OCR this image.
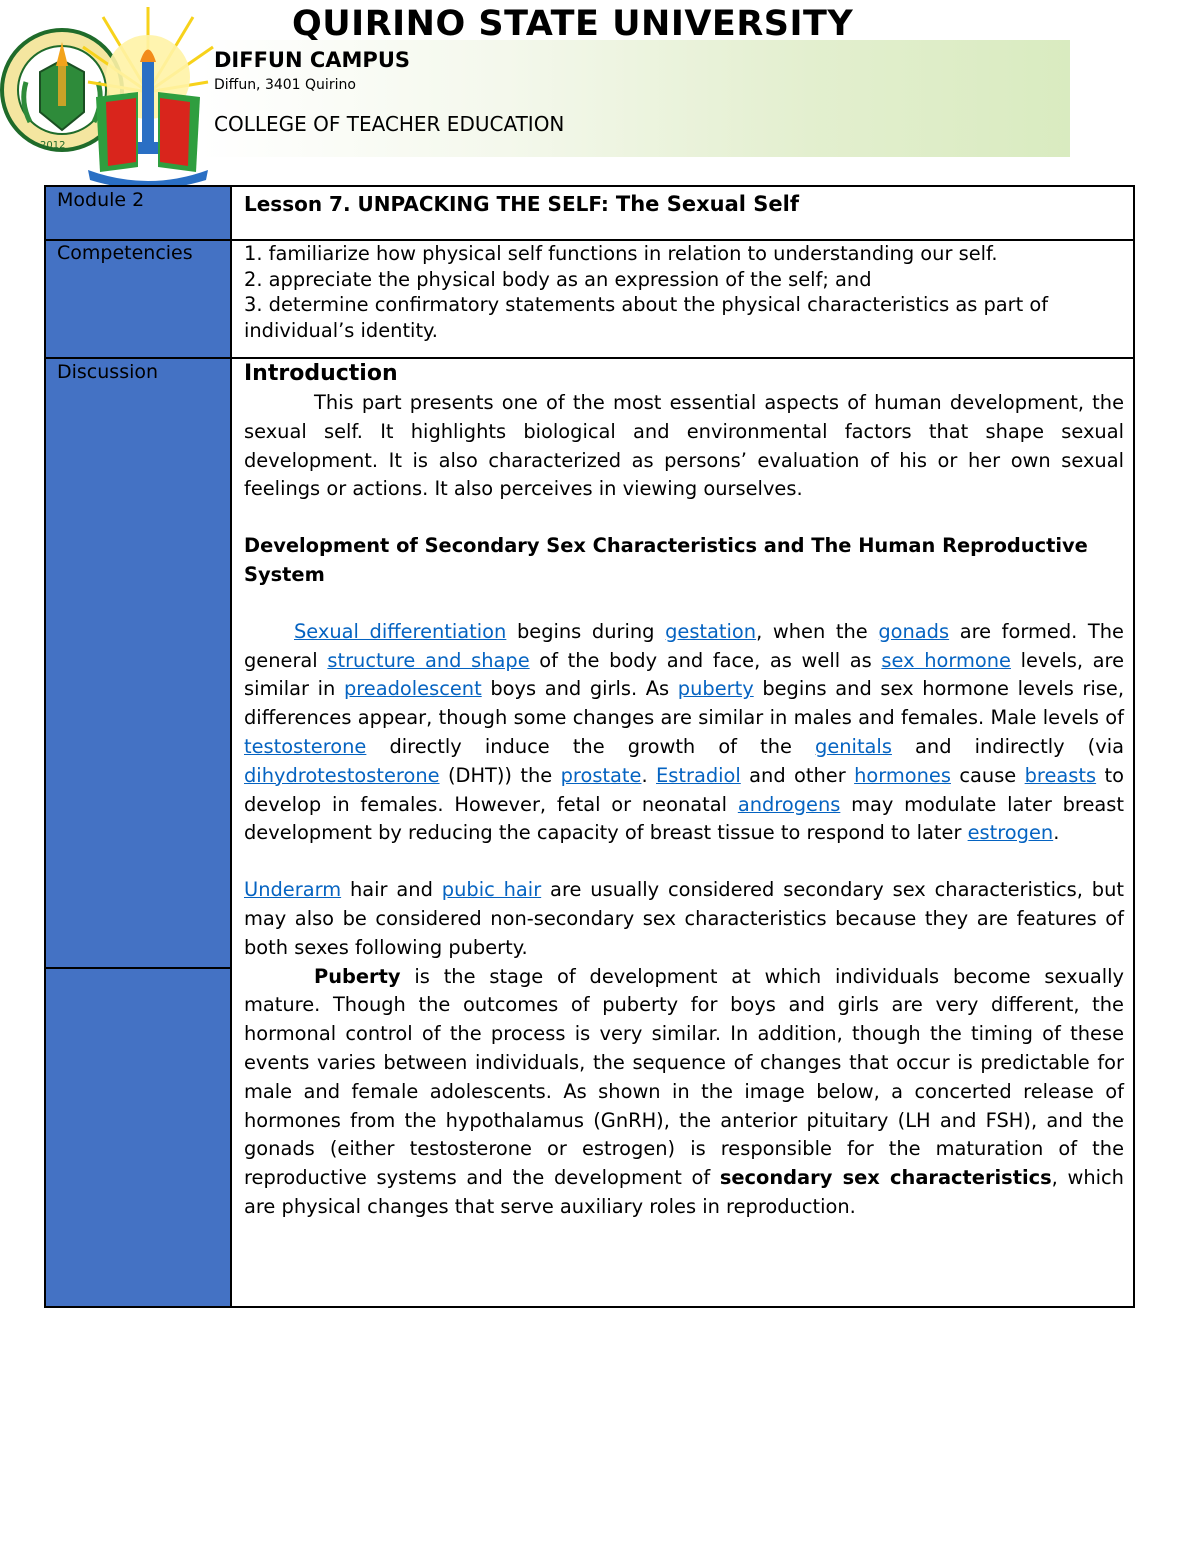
2012
QUIRINO STATE UNIVERSITY
DIFFUN CAMPUS
Diffun, 3401 Quirino
COLLEGE OF TEACHER EDUCATION
Module 2
Competencies
Discussion
Lesson 7. UNPACKING THE SELF: The Sexual Self
1. familiarize how physical self functions in relation to understanding our self.
2. appreciate the physical body as an expression of the self; and
3. determine confirmatory statements about the physical characteristics as part of individual’s identity.
Introduction

This part presents one of the most essential aspects of human development, the sexual self. It highlights biological and environmental factors that shape sexual development. It is also characterized as persons’ evaluation of his or her own sexual feelings or actions. It also perceives in viewing ourselves.

Development of Secondary Sex Characteristics and The Human Reproductive System

Sexual differentiation begins during gestation, when the gonads are formed. The general structure and shape of the body and face, as well as sex hormone levels, are similar in preadolescent boys and girls. As puberty begins and sex hormone levels rise, differences appear, though some changes are similar in males and females. Male levels of testosterone directly induce the growth of the genitals and indirectly (via dihydrotestosterone (DHT)) the prostate. Estradiol and other hormones cause breasts to develop in females. However, fetal or neonatal androgens may modulate later breast development by reducing the capacity of breast tissue to respond to later estrogen.

Underarm hair and pubic hair are usually considered secondary sex characteristics, but may also be considered non-secondary sex characteristics because they are features of both sexes following puberty.

Puberty is the stage of development at which individuals become sexually mature. Though the outcomes of puberty for boys and girls are very different, the hormonal control of the process is very similar. In addition, though the timing of these events varies between individuals, the sequence of changes that occur is predictable for male and female adolescents. As shown in the image below, a concerted release of hormones from the hypothalamus (GnRH), the anterior pituitary (LH and FSH), and the gonads (either testosterone or estrogen) is responsible for the maturation of the reproductive systems and the development of secondary sex characteristics, which are physical changes that serve auxiliary roles in reproduction.
